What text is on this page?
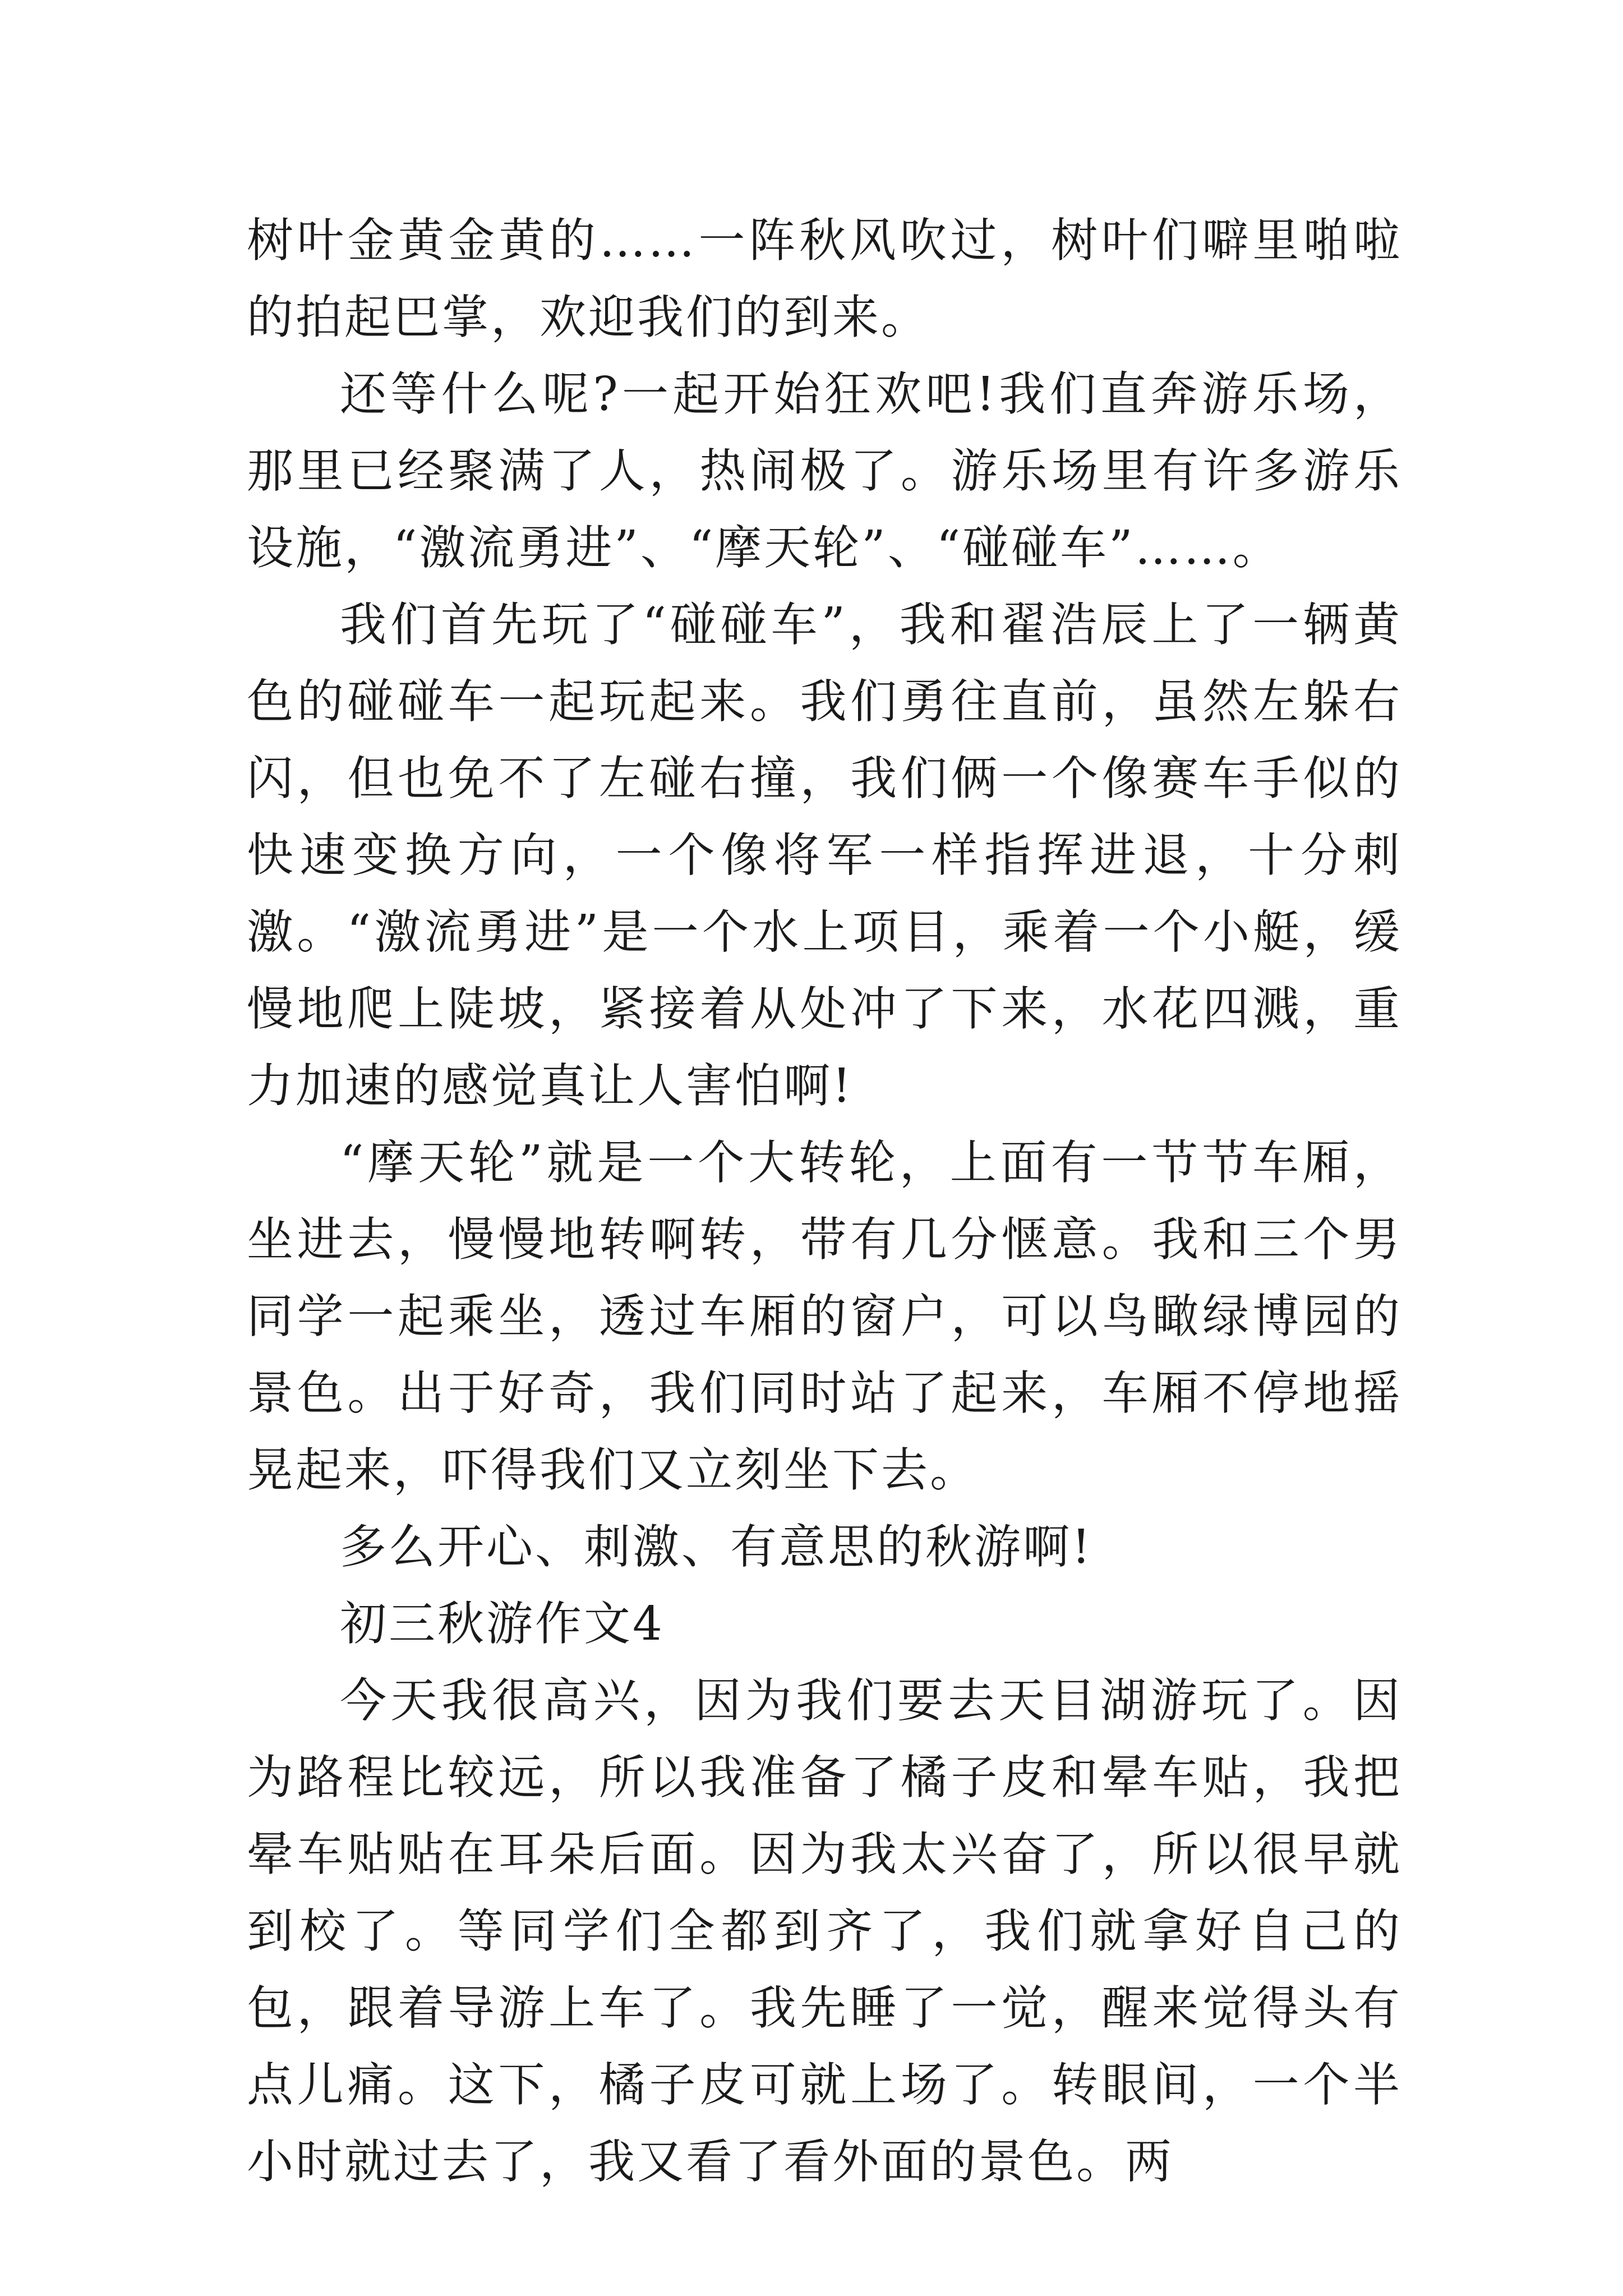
树叶金黄金黄的……一阵秋风吹过，树叶们噼里啪啦的拍起巴掌，欢迎我们的到来。

还等什么呢?一起开始狂欢吧!我们直奔游乐场，那里已经聚满了人，热闹极了。游乐场里有许多游乐设施，“激流勇进”、“摩天轮”、“碰碰车”……。

我们首先玩了“碰碰车”，我和翟浩辰上了一辆黄色的碰碰车一起玩起来。我们勇往直前，虽然左躲右闪，但也免不了左碰右撞，我们俩一个像赛车手似的快速变换方向，一个像将军一样指挥进退，十分刺激。“激流勇进”是一个水上项目，乘着一个小艇，缓慢地爬上陡坡，紧接着从处冲了下来，水花四溅，重力加速的感觉真让人害怕啊!

“摩天轮”就是一个大转轮，上面有一节节车厢，坐进去，慢慢地转啊转，带有几分惬意。我和三个男同学一起乘坐，透过车厢的窗户，可以鸟瞰绿博园的景色。出于好奇，我们同时站了起来，车厢不停地摇晃起来，吓得我们又立刻坐下去。

多么开心、刺激、有意思的秋游啊!

初三秋游作文4

今天我很高兴，因为我们要去天目湖游玩了。因为路程比较远，所以我准备了橘子皮和晕车贴，我把晕车贴贴在耳朵后面。因为我太兴奋了，所以很早就到校了。等同学们全都到齐了，我们就拿好自己的包，跟着导游上车了。我先睡了一觉，醒来觉得头有点儿痛。这下，橘子皮可就上场了。转眼间，一个半小时就过去了，我又看了看外面的景色。两
